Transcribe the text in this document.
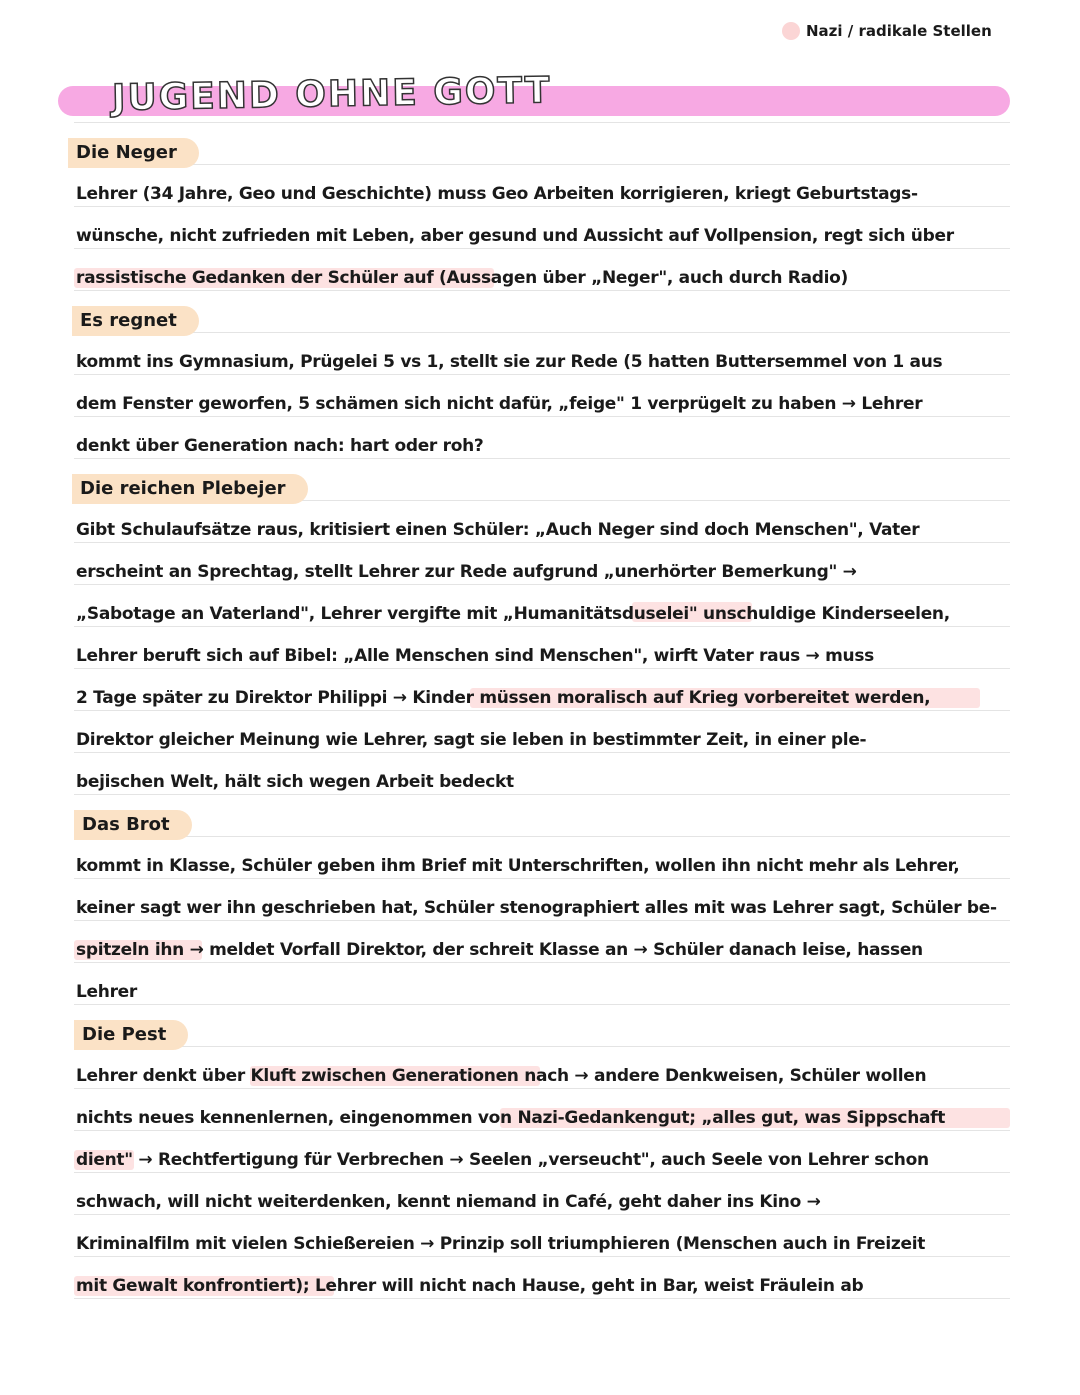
Nazi / radikale Stellen
JUGEND OHNE GOTT
Die Neger
Lehrer (34 Jahre, Geo und Geschichte) muss Geo Arbeiten korrigieren, kriegt Geburtstags-
wünsche, nicht zufrieden mit Leben, aber gesund und Aussicht auf Vollpension, regt sich über
rassistische Gedanken der Schüler auf (Aussagen über „Neger", auch durch Radio)
Es regnet
kommt ins Gymnasium, Prügelei 5 vs 1, stellt sie zur Rede (5 hatten Buttersemmel von 1 aus
dem Fenster geworfen, 5 schämen sich nicht dafür, „feige" 1 verprügelt zu haben → Lehrer
denkt über Generation nach: hart oder roh?
Die reichen Plebejer
Gibt Schulaufsätze raus, kritisiert einen Schüler: „Auch Neger sind doch Menschen", Vater
erscheint an Sprechtag, stellt Lehrer zur Rede aufgrund „unerhörter Bemerkung" →
„Sabotage an Vaterland", Lehrer vergifte mit „Humanitätsduselei" unschuldige Kinderseelen,
Lehrer beruft sich auf Bibel: „Alle Menschen sind Menschen", wirft Vater raus → muss
2 Tage später zu Direktor Philippi → Kinder müssen moralisch auf Krieg vorbereitet werden,
Direktor gleicher Meinung wie Lehrer, sagt sie leben in bestimmter Zeit, in einer ple-
bejischen Welt, hält sich wegen Arbeit bedeckt
Das Brot
kommt in Klasse, Schüler geben ihm Brief mit Unterschriften, wollen ihn nicht mehr als Lehrer,
keiner sagt wer ihn geschrieben hat, Schüler stenographiert alles mit was Lehrer sagt, Schüler be-
spitzeln ihn → meldet Vorfall Direktor, der schreit Klasse an → Schüler danach leise, hassen
Lehrer
Die Pest
Lehrer denkt über Kluft zwischen Generationen nach → andere Denkweisen, Schüler wollen
nichts neues kennenlernen, eingenommen von Nazi-Gedankengut; „alles gut, was Sippschaft
dient" → Rechtfertigung für Verbrechen → Seelen „verseucht", auch Seele von Lehrer schon
schwach, will nicht weiterdenken, kennt niemand in Café, geht daher ins Kino →
Kriminalfilm mit vielen Schießereien → Prinzip soll triumphieren (Menschen auch in Freizeit
mit Gewalt konfrontiert); Lehrer will nicht nach Hause, geht in Bar, weist Fräulein ab
